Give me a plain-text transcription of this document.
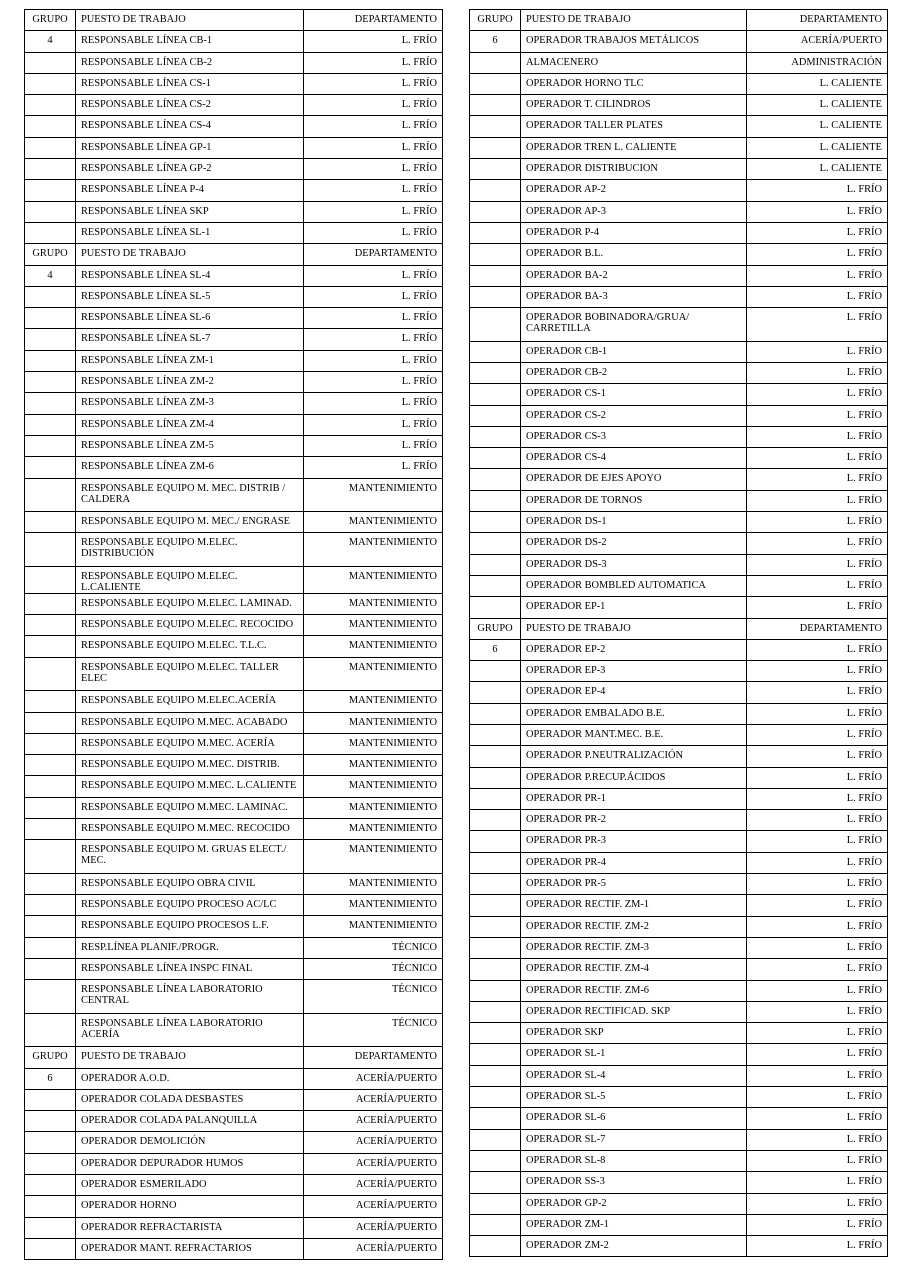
GRUPO	PUESTO DE TRABAJO	DEPARTAMENTO
4	RESPONSABLE LÍNEA CB-1	L. FRÍO
	RESPONSABLE LÍNEA CB-2	L. FRÍO
	RESPONSABLE LÍNEA CS-1	L. FRÍO
	RESPONSABLE LÍNEA CS-2	L. FRÍO
	RESPONSABLE LÍNEA CS-4	L. FRÍO
	RESPONSABLE LÍNEA GP-1	L. FRÍO
	RESPONSABLE LÍNEA GP-2	L. FRÍO
	RESPONSABLE LÍNEA P-4	L. FRÍO
	RESPONSABLE LÍNEA SKP	L. FRÍO
	RESPONSABLE LÍNEA SL-1	L. FRÍO
GRUPO	PUESTO DE TRABAJO	DEPARTAMENTO
4	RESPONSABLE LÍNEA SL-4	L. FRÍO
	RESPONSABLE LÍNEA SL-5	L. FRÍO
	RESPONSABLE LÍNEA SL-6	L. FRÍO
	RESPONSABLE LÍNEA SL-7	L. FRÍO
	RESPONSABLE LÍNEA ZM-1	L. FRÍO
	RESPONSABLE LÍNEA ZM-2	L. FRÍO
	RESPONSABLE LÍNEA ZM-3	L. FRÍO
	RESPONSABLE LÍNEA ZM-4	L. FRÍO
	RESPONSABLE LÍNEA ZM-5	L. FRÍO
	RESPONSABLE LÍNEA ZM-6	L. FRÍO
	RESPONSABLE EQUIPO M. MEC. DISTRIB / CALDERA	MANTENIMIENTO
	RESPONSABLE EQUIPO M. MEC./ ENGRASE	MANTENIMIENTO
	RESPONSABLE EQUIPO M.ELEC. DISTRIBUCIÓN	MANTENIMIENTO
	RESPONSABLE EQUIPO M.ELEC. L.CALIENTE	MANTENIMIENTO
	RESPONSABLE EQUIPO M.ELEC. LAMINAD.	MANTENIMIENTO
	RESPONSABLE EQUIPO M.ELEC. RECOCIDO	MANTENIMIENTO
	RESPONSABLE EQUIPO M.ELEC. T.L.C.	MANTENIMIENTO
	RESPONSABLE EQUIPO M.ELEC. TALLER ELEC	MANTENIMIENTO
	RESPONSABLE EQUIPO M.ELEC.ACERÍA	MANTENIMIENTO
	RESPONSABLE EQUIPO M.MEC. ACABADO	MANTENIMIENTO
	RESPONSABLE EQUIPO M.MEC. ACERÍA	MANTENIMIENTO
	RESPONSABLE EQUIPO M.MEC. DISTRIB.	MANTENIMIENTO
	RESPONSABLE EQUIPO M.MEC. L.CALIENTE	MANTENIMIENTO
	RESPONSABLE EQUIPO M.MEC. LAMINAC.	MANTENIMIENTO
	RESPONSABLE EQUIPO M.MEC. RECOCIDO	MANTENIMIENTO
	RESPONSABLE EQUIPO M. GRUAS ELECT./ MEC.	MANTENIMIENTO
	RESPONSABLE EQUIPO OBRA CIVIL	MANTENIMIENTO
	RESPONSABLE EQUIPO PROCESO AC/LC	MANTENIMIENTO
	RESPONSABLE EQUIPO PROCESOS L.F.	MANTENIMIENTO
	RESP.LÍNEA PLANIF./PROGR.	TÉCNICO
	RESPONSABLE LÍNEA INSPC FINAL	TÉCNICO
	RESPONSABLE LÍNEA LABORATORIO CENTRAL	TÉCNICO
	RESPONSABLE LÍNEA LABORATORIO ACERÍA	TÉCNICO
GRUPO	PUESTO DE TRABAJO	DEPARTAMENTO
6	OPERADOR A.O.D.	ACERÍA/PUERTO
	OPERADOR COLADA DESBASTES	ACERÍA/PUERTO
	OPERADOR COLADA PALANQUILLA	ACERÍA/PUERTO
	OPERADOR DEMOLICIÓN	ACERÍA/PUERTO
	OPERADOR DEPURADOR HUMOS	ACERÍA/PUERTO
	OPERADOR ESMERILADO	ACERÍA/PUERTO
	OPERADOR HORNO	ACERÍA/PUERTO
	OPERADOR REFRACTARISTA	ACERÍA/PUERTO
	OPERADOR MANT. REFRACTARIOS	ACERÍA/PUERTO
GRUPO	PUESTO DE TRABAJO	DEPARTAMENTO
6	OPERADOR TRABAJOS METÁLICOS	ACERÍA/PUERTO
	ALMACENERO	ADMINISTRACIÓN
	OPERADOR HORNO TLC	L. CALIENTE
	OPERADOR T. CILINDROS	L. CALIENTE
	OPERADOR TALLER PLATES	L. CALIENTE
	OPERADOR TREN L. CALIENTE	L. CALIENTE
	OPERADOR DISTRIBUCION	L. CALIENTE
	OPERADOR AP-2	L. FRÍO
	OPERADOR AP-3	L. FRÍO
	OPERADOR P-4	L. FRÍO
	OPERADOR B.L.	L. FRÍO
	OPERADOR BA-2	L. FRÍO
	OPERADOR BA-3	L. FRÍO
	OPERADOR BOBINADORA/GRUA/ CARRETILLA	L. FRÍO
	OPERADOR CB-1	L. FRÍO
	OPERADOR CB-2	L. FRÍO
	OPERADOR CS-1	L. FRÍO
	OPERADOR CS-2	L. FRÍO
	OPERADOR CS-3	L. FRÍO
	OPERADOR CS-4	L. FRÍO
	OPERADOR DE EJES APOYO	L. FRÍO
	OPERADOR DE TORNOS	L. FRÍO
	OPERADOR DS-1	L. FRÍO
	OPERADOR DS-2	L. FRÍO
	OPERADOR DS-3	L. FRÍO
	OPERADOR BOMBLED AUTOMATICA	L. FRÍO
	OPERADOR EP-1	L. FRÍO
GRUPO	PUESTO DE TRABAJO	DEPARTAMENTO
6	OPERADOR EP-2	L. FRÍO
	OPERADOR EP-3	L. FRÍO
	OPERADOR EP-4	L. FRÍO
	OPERADOR EMBALADO B.E.	L. FRÍO
	OPERADOR MANT.MEC. B.E.	L. FRÍO
	OPERADOR P.NEUTRALIZACIÓN	L. FRÍO
	OPERADOR P.RECUP.ÁCIDOS	L. FRÍO
	OPERADOR PR-1	L. FRÍO
	OPERADOR PR-2	L. FRÍO
	OPERADOR PR-3	L. FRÍO
	OPERADOR PR-4	L. FRÍO
	OPERADOR PR-5	L. FRÍO
	OPERADOR RECTIF. ZM-1	L. FRÍO
	OPERADOR RECTIF. ZM-2	L. FRÍO
	OPERADOR RECTIF. ZM-3	L. FRÍO
	OPERADOR RECTIF. ZM-4	L. FRÍO
	OPERADOR RECTIF. ZM-6	L. FRÍO
	OPERADOR RECTIFICAD. SKP	L. FRÍO
	OPERADOR SKP	L. FRÍO
	OPERADOR SL-1	L. FRÍO
	OPERADOR SL-4	L. FRÍO
	OPERADOR SL-5	L. FRÍO
	OPERADOR SL-6	L. FRÍO
	OPERADOR SL-7	L. FRÍO
	OPERADOR SL-8	L. FRÍO
	OPERADOR SS-3	L. FRÍO
	OPERADOR GP-2	L. FRÍO
	OPERADOR ZM-1	L. FRÍO
	OPERADOR ZM-2	L. FRÍO
